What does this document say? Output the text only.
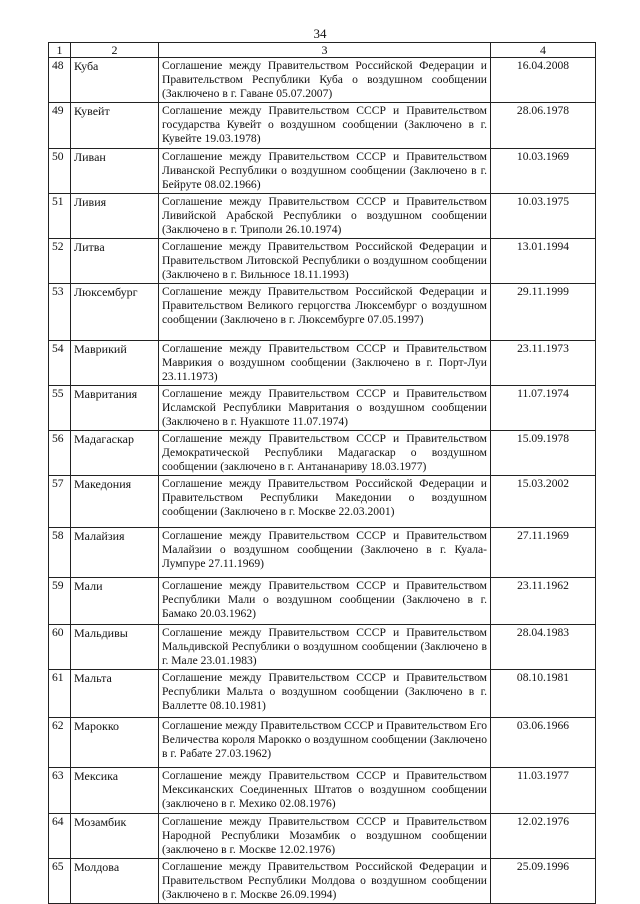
34
1	2	3	4
48	Куба	Соглашение между Правительством Российской Федерации и Правительством Республики Куба о воздушном сообщении (Заключено в г. Гаване 05.07.2007)	16.04.2008
49	Кувейт	Соглашение между Правительством СССР и Правительством государства Кувейт о воздушном сообщении (Заключено в г. Кувейте 19.03.1978)	28.06.1978
50	Ливан	Соглашение между Правительством СССР и Правительством Ливанской Республики о воздушном сообщении (Заключено в г. Бейруте 08.02.1966)	10.03.1969
51	Ливия	Соглашение между Правительством СССР и Правительством Ливийской Арабской Республики о воздушном сообщении (Заключено в г. Триполи 26.10.1974)	10.03.1975
52	Литва	Соглашение между Правительством Российской Федерации и Правительством Литовской Республики о воздушном сообщении (Заключено в г. Вильнюсе 18.11.1993)	13.01.1994
53	Люксембург	Соглашение между Правительством Российской Федерации и Правительством Великого герцогства Люксембург о воздушном сообщении (Заключено в г. Люксембурге 07.05.1997)	29.11.1999
54	Маврикий	Соглашение между Правительством СССР и Правительством Маврикия о воздушном сообщении (Заключено в г. Порт-Луи 23.11.1973)	23.11.1973
55	Мавритания	Соглашение между Правительством СССР и Правительством Исламской Республики Мавритания о воздушном сообщении (Заключено в г. Нуакшоте 11.07.1974)	11.07.1974
56	Мадагаскар	Соглашение между Правительством СССР и Правительством Демократической Республики Мадагаскар о воздушном сообщении (заключено в г. Антананариву 18.03.1977)	15.09.1978
57	Македония	Соглашение между Правительством Российской Федерации и Правительством Республики Македонии о воздушном сообщении (Заключено в г. Москве 22.03.2001)	15.03.2002
58	Малайзия	Соглашение между Правительством СССР и Правительством Малайзии о воздушном сообщении (Заключено в г. Куала-Лумпуре 27.11.1969)	27.11.1969
59	Мали	Соглашение между Правительством СССР и Правительством Республики Мали о воздушном сообщении (Заключено в г. Бамако 20.03.1962)	23.11.1962
60	Мальдивы	Соглашение между Правительством СССР и Правительством Мальдивской Республики о воздушном сообщении (Заключено в г. Мале 23.01.1983)	28.04.1983
61	Мальта	Соглашение между Правительством СССР и Правительством Республики Мальта о воздушном сообщении (Заключено в г. Валлетте 08.10.1981)	08.10.1981
62	Марокко	Соглашение между Правительством СССР и Правительством Его Величества короля Марокко о воздушном сообщении (Заключено в г. Рабате 27.03.1962)	03.06.1966
63	Мексика	Соглашение между Правительством СССР и Правительством Мексиканских Соединенных Штатов о воздушном сообщении (заключено в г. Мехико 02.08.1976)	11.03.1977
64	Мозамбик	Соглашение между Правительством СССР и Правительством Народной Республики Мозамбик о воздушном сообщении (заключено в г. Москве 12.02.1976)	12.02.1976
65	Молдова	Соглашение между Правительством Российской Федерации и Правительством Республики Молдова о воздушном сообщении (Заключено в г. Москве 26.09.1994)	25.09.1996
